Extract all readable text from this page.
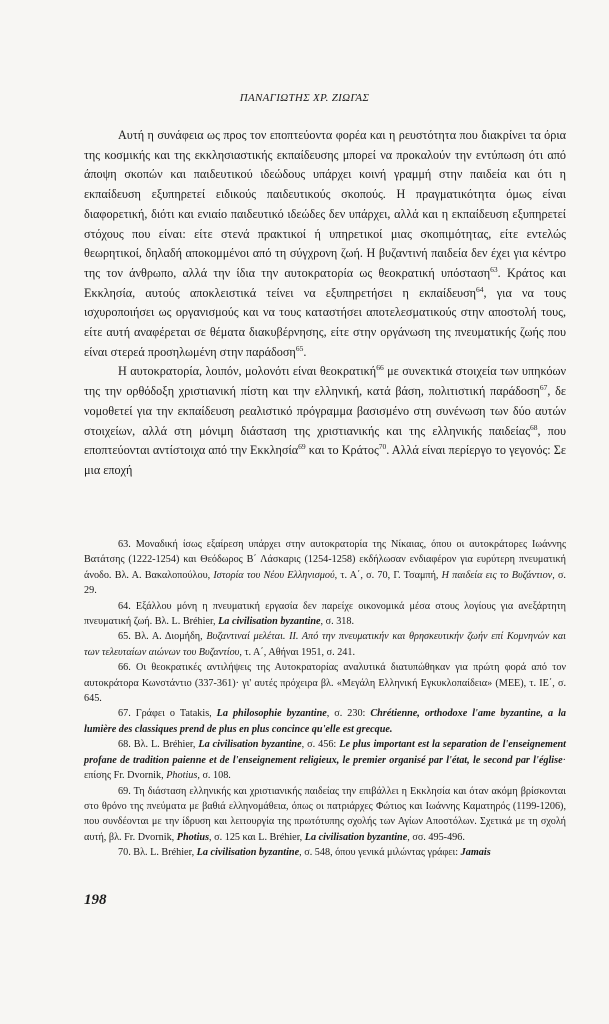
ΠΑΝΑΓΙΩΤΗΣ ΧΡ. ΖΙΩΓΑΣ

Αυτή η συνάφεια ως προς τον εποπτεύοντα φορέα και η ρευστότητα που διακρίνει τα όρια της κοσμικής και της εκκλησιαστικής εκπαίδευσης μπορεί να προκαλούν την εντύπωση ότι από άποψη σκοπών και παιδευτικού ιδεώδους υπάρχει κοινή γραμμή στην παιδεία και ότι η εκπαίδευση εξυπηρετεί ειδικούς παιδευτικούς σκοπούς. Η πραγματικότητα όμως είναι διαφορετική, διότι και ενιαίο παιδευτικό ιδεώδες δεν υπάρχει, αλλά και η εκπαίδευση εξυπηρετεί στόχους που είναι: είτε στενά πρακτικοί ή υπηρετικοί μιας σκοπιμότητας, είτε εντελώς θεωρητικοί, δηλαδή αποκομμένοι από τη σύγχρονη ζωή. Η βυζαντινή παιδεία δεν έχει για κέντρο της τον άνθρωπο, αλλά την ίδια την αυτοκρατορία ως θεοκρατική υπόσταση$^{63}$. Κράτος και Εκκλησία, αυτούς αποκλειστικά τείνει να εξυπηρετήσει η εκπαίδευση$^{64}$, για να τους ισχυροποιήσει ως οργανισμούς και να τους καταστήσει αποτελεσματικούς στην αποστολή τους, είτε αυτή αναφέρεται σε θέματα διακυβέρνησης, είτε στην οργάνωση της πνευματικής ζωής που είναι στερεά προσηλωμένη στην παράδοση$^{65}$.

Η αυτοκρατορία, λοιπόν, μολονότι είναι θεοκρατική$^{66}$ με συνεκτικά στοιχεία των υπηκόων της την ορθόδοξη χριστιανική πίστη και την ελληνική, κατά βάση, πολιτιστική παράδοση$^{67}$, δε νομοθετεί για την εκπαίδευση ρεαλιστικό πρόγραμμα βασισμένο στη συνένωση των δύο αυτών στοιχείων, αλλά στη μόνιμη διάσταση της χριστιανικής και της ελληνικής παιδείας$^{68}$, που εποπτεύονται αντίστοιχα από την Εκκλησία$^{69}$ και το Κράτος$^{70}$. Αλλά είναι περίεργο το γεγονός: Σε μια εποχή

63. Μοναδική ίσως εξαίρεση υπάρχει στην αυτοκρατορία της Νίκαιας, όπου οι αυτοκράτορες Ιωάννης Βατάτσης (1222-1254) και Θεόδωρος Β΄ Λάσκαρις (1254-1258) εκδήλωσαν ενδιαφέρον για ευρύτερη πνευματική άνοδο. Βλ. Α. Βακαλοπούλου, Ιστορία του Νέου Ελληνισμού, τ. Α΄, σ. 70, Γ. Τσαμπή, Η παιδεία εις το Βυζάντιον, σ. 29.

64. Εξάλλου μόνη η πνευματική εργασία δεν παρείχε οικονομικά μέσα στους λογίους για ανεξάρτητη πνευματική ζωή. Βλ. L. Bréhier, La civilisation byzantine, σ. 318.

65. Βλ. Α. Διομήδη, Βυζαντιναί μελέται. ΙΙ. Από την πνευματικήν και θρησκευτικήν ζωήν επί Κομνηνών και των τελευταίων αιώνων του Βυζαντίου, τ. Α΄, Αθήναι 1951, σ. 241.

66. Οι θεοκρατικές αντιλήψεις της Αυτοκρατορίας αναλυτικά διατυπώθηκαν για πρώτη φορά από τον αυτοκράτορα Κωνστάντιο (337-361)· γι' αυτές πρόχειρα βλ. «Μεγάλη Ελληνική Εγκυκλοπαίδεια» (ΜΕΕ), τ. ΙΕ΄, σ. 645.

67. Γράφει ο Tatakis, La philosophie byzantine, σ. 230: Chrétienne, orthodoxe l'ame byzantine, a la lumière des classiques prend de plus en plus concince qu'elle est grecque.

68. Βλ. L. Bréhier, La civilisation byzantine, σ. 456: Le plus important est la separation de l'enseignement profane de tradition paienne et de l'enseignement religieux, le premier organisé par l'état, le second par l'église· επίσης Fr. Dvornik, Photius, σ. 108.

69. Τη διάσταση ελληνικής και χριστιανικής παιδείας την επιβάλλει η Εκκλησία και όταν ακόμη βρίσκονται στο θρόνο της πνεύματα με βαθιά ελληνομάθεια, όπως οι πατριάρχες Φώτιος και Ιωάννης Καματηρός (1199-1206), που συνδέονται με την ίδρυση και λειτουργία της πρωτότυπης σχολής των Αγίων Αποστόλων. Σχετικά με τη σχολή αυτή, βλ. Fr. Dvornik, Photius, σ. 125 και L. Bréhier, La civilisation byzantine, σσ. 495-496.

70. Βλ. L. Bréhier, La civilisation byzantine, σ. 548, όπου γενικά μιλώντας γράφει: Jamais

198
